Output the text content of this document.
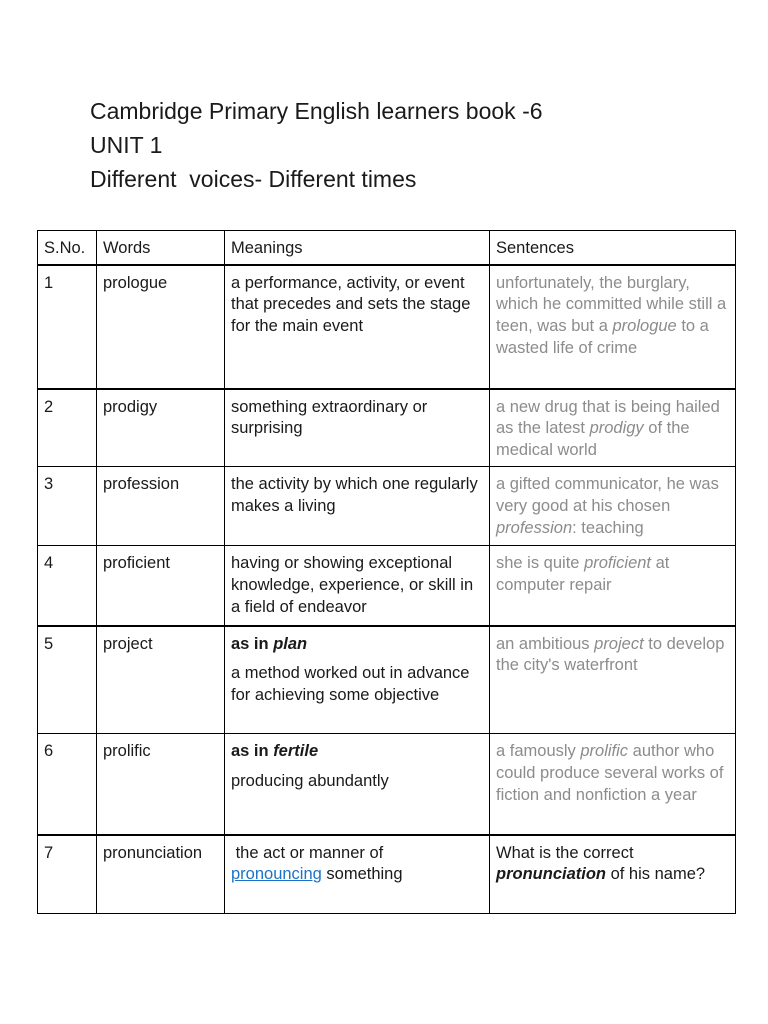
Cambridge Primary English learners book -6
UNIT 1
Different  voices- Different times
S.No.	Words	Meanings	Sentences
1	prologue	a performance, activity, or event that precedes and sets the stage for the main event	unfortunately, the burglary, which he committed while still a teen, was but a prologue to a wasted life of crime
2	prodigy	something extraordinary or surprising	a new drug that is being hailed as the latest prodigy of the medical world
3	profession	the activity by which one regularly makes a living	a gifted communicator, he was very good at his chosen profession: teaching
4	proficient	having or showing exceptional knowledge, experience, or skill in a field of endeavor	she is quite proficient at computer repair
5	project	as in plan
a method worked out in advance for achieving some objective	an ambitious project to develop the city's waterfront
6	prolific	as in fertile
producing abundantly	a famously prolific author who could produce several works of fiction and nonfiction a year
7	pronunciation	the act or manner of
pronouncing something	What is the correct pronunciation of his name?
